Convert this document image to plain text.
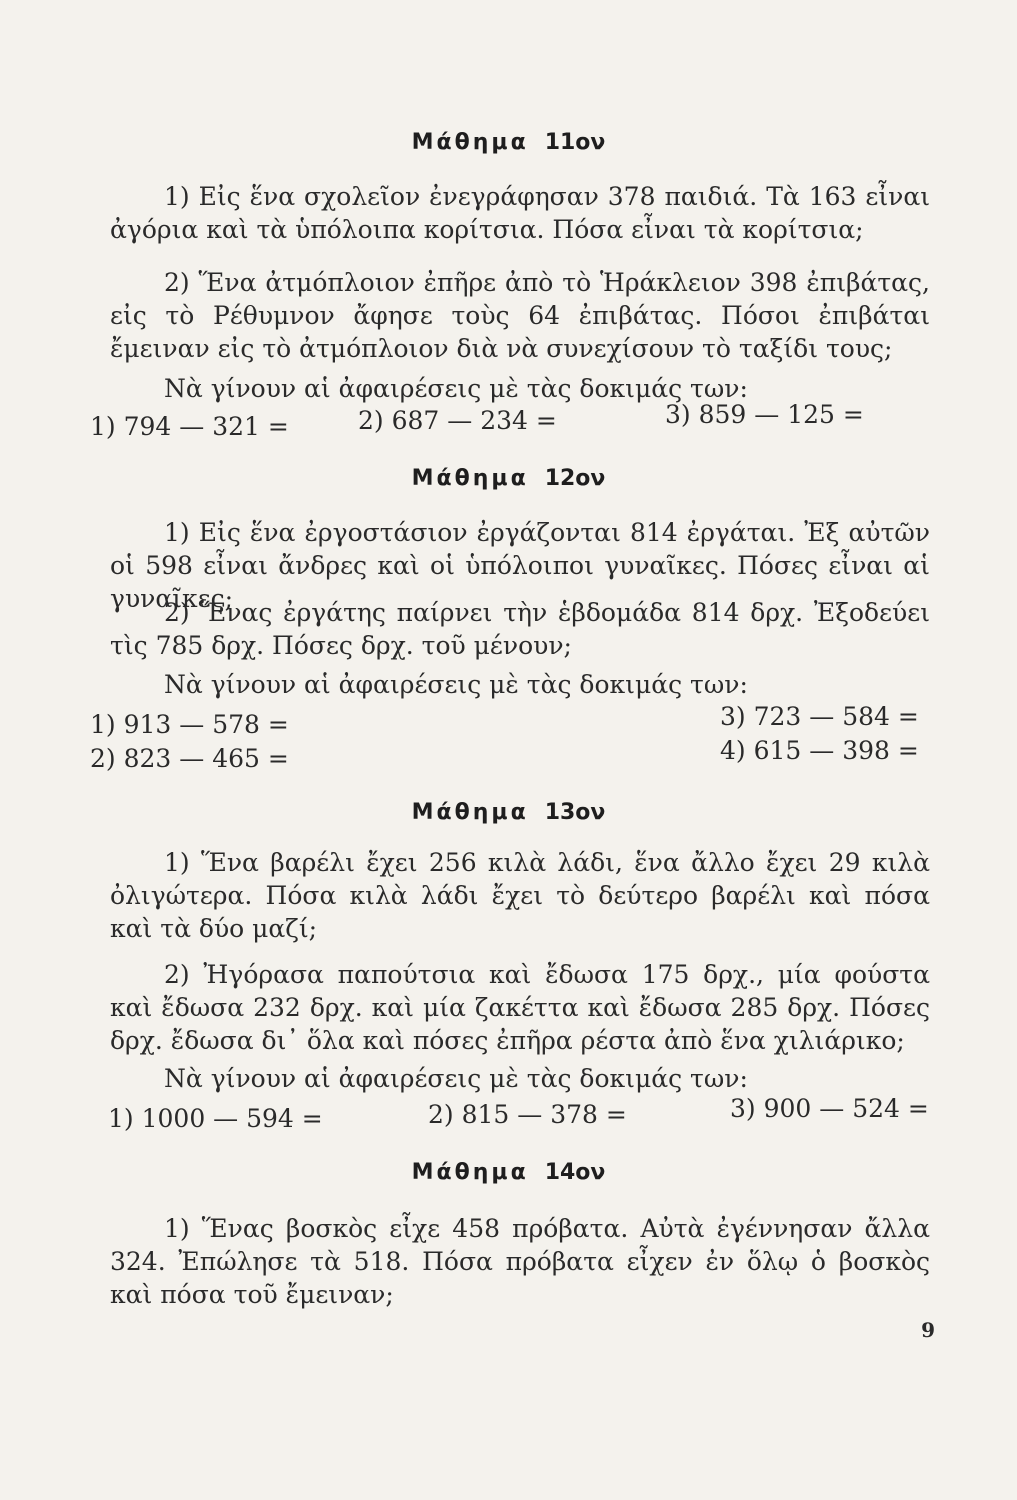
Μάθημα 11ον
1) Εἰς ἕνα σχολεῖον ἐνεγράφησαν 378 παιδιά. Τὰ 163 εἶναι ἀγόρια καὶ τὰ ὑπόλοιπα κορίτσια. Πόσα εἶναι τὰ κορίτσια;
2) Ἕνα ἀτμόπλοιον ἐπῆρε ἀπὸ τὸ Ἡράκλειον 398 ἐπιβάτας, εἰς τὸ Ρέθυμνον ἄφησε τοὺς 64 ἐπιβάτας. Πόσοι ἐπιβάται ἔμειναν εἰς τὸ ἀτμόπλοιον διὰ νὰ συνεχίσουν τὸ ταξίδι τους;
Νὰ γίνουν αἱ ἀφαιρέσεις μὲ τὰς δοκιμάς των:
1) 794 — 321 =	2) 687 — 234 =	3) 859 — 125 =
Μάθημα 12ον
1) Εἰς ἕνα ἐργοστάσιον ἐργάζονται 814 ἐργάται. Ἐξ αὐτῶν οἱ 598 εἶναι ἄνδρες καὶ οἱ ὑπόλοιποι γυναῖκες. Πόσες εἶναι αἱ γυναῖκες;
2) Ἕνας ἐργάτης παίρνει τὴν ἑβδομάδα 814 δρχ. Ἐξοδεύει τὶς 785 δρχ. Πόσες δρχ. τοῦ μένουν;
Νὰ γίνουν αἱ ἀφαιρέσεις μὲ τὰς δοκιμάς των:
1) 913 — 578 =
2) 823 — 465 =
3) 723 — 584 =
4) 615 — 398 =
Μάθημα 13ον
1) Ἕνα βαρέλι ἔχει 256 κιλὰ λάδι, ἕνα ἄλλο ἔχει 29 κιλὰ ὀλιγώτερα. Πόσα κιλὰ λάδι ἔχει τὸ δεύτερο βαρέλι καὶ πόσα καὶ τὰ δύο μαζί;
2) Ἠγόρασα παπούτσια καὶ ἔδωσα 175 δρχ., μία φούστα καὶ ἔδωσα 232 δρχ. καὶ μία ζακέττα καὶ ἔδωσα 285 δρχ. Πόσες δρχ. ἔδωσα δι᾽ ὅλα καὶ πόσες ἐπῆρα ρέστα ἀπὸ ἕνα χιλιάρικο;
Νὰ γίνουν αἱ ἀφαιρέσεις μὲ τὰς δοκιμάς των:
1) 1000 — 594 =	2) 815 — 378 =	3) 900 — 524 =
Μάθημα 14ον
1) Ἕνας βοσκὸς εἶχε 458 πρόβατα. Αὐτὰ ἐγέννησαν ἄλλα 324. Ἐπώλησε τὰ 518. Πόσα πρόβατα εἶχεν ἐν ὅλῳ ὁ βοσκὸς καὶ πόσα τοῦ ἔμειναν;
9
